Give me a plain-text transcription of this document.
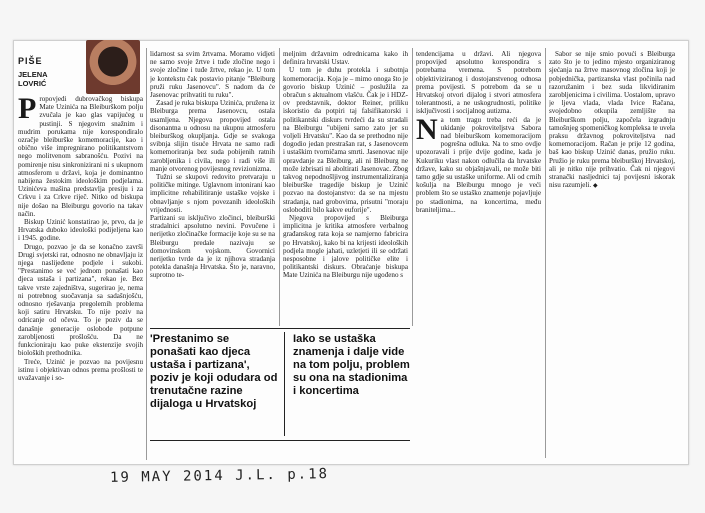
PIŠE
JELENA
LOVRIĆ

Propovjedi dubrovačkog biskupa Mate Uzinića na Bleiburškom polju zvučala je kao glas vapijućeg u pustinji. S njegovim snažnim i mudrim porukama nije korespondiralo ozračje bleiburške komemoracije, kao i obično više impregnirano politikantstvom nego molitvenom sabranošću. Pozivi na pomirenje nisu sinkronizirani ni s ukupnom atmosferom u državi, koja je dominantno nabijena žestokim ideološkim podjelama. Uzinićeva mašina predstavlja presiju i za Crkvu i za Crkve riječ. Nitko od biskupa nije došao na Bleiburgu govorio na takav način.

Biskup Uzinić konstatirao je, prvo, da je Hrvatska duboko ideološki podijeljena kao i 1945. godine.

Drugo, pozvao je da se konačno završi Drugi svjetski rat, odnosno ne obnavljaju iz njega naslijeđene podjele i sukobi. "Prestanimo se već jednom ponašati kao djeca ustaša i partizana", rekao je. Bez takve vrste zajedništva, sugerirao je, nema ni potrebnog suočavanja sa sadašnjošću, odnosno rješavanja pregolemih problema koji satiru Hrvatsku. To nije poziv na odricanje od očeva. To je poziv da se današnje generacije oslobode potpune zarobljenosti prošlošću. Da ne funkcioniraju kao puke ekstenzije svojih bioloških prethodnika.

Treće, Uzinić je pozvao na povijesnu istinu i objektivan odnos prema prošlosti te uvažavanje i so-

lidarnost sa svim žrtvama. Moramo vidjeti ne samo svoje žrtve i tuđe zločine nego i svoje zločine i tuđe žrtve, rekao je. U tom je kontekstu čak postavio pitanje "Bleiburg pruži ruku Jasenovcu". S nadom da će Jasenovac prihvatiti tu ruku".

Zasad je ruka biskupa Uzinića, pružena iz Bleiburga prema Jasenovcu, ostala usamljena. Njegova propovijed ostala disonantna u odnosu na ukupnu atmosferu bleiburškog okupljanja. Gdje se svakoga svibnja slijin tisuće Hrvata ne samo radi komemoriranja bez suda pobijenih ratnih zarobljenika i civila, nego i radi više ili manje otvorenog povijesnog revizionizma.

Tužni se skupovi redovito pretvaraju u političke mitinge. Uglavnom intonirani kao implicitne rehabilitiranje ustaške vojske i obnavljanje s njom povezanih ideoloških vrijednosti.

Partizani su isključivo zločinci, bleiburški stradalnici apsolutno nevini. Povučene i nerijetko zločinačke formacije koje su se na Bleiburgu predale nazivaju se domovinskom vojskom. Govornici nerijetko tvrde da je iz njihova stradanja potekla današnja Hrvatska. Što je, naravno, suprotno te-

meljnim državnim odrednicama kako ih definira hrvatski Ustav.

U tom je duhu protekla i subotnja komemoracija. Koja je – mimo onoga što je govorio biskup Uzinić – poslužila za obračun s aktualnom vlašću. Čak je i HDZ-ov predstavnik, doktor Reiner, priliku iskoristio da potpiri taj falsifikatorski i politikantski diskurs tvrdeći da su stradali na Bleiburgu "ubijeni samo zato jer su voljeli Hrvatsku". Kao da se prethodno nije dogodio jedan prestrašan rat, s Jasenovcem i ustaškim tvorničama smrti. Jasenovac nije opravdanje za Bleiburg, ali ni Bleiburg ne može izbrisati ni aboltirati Jasenovac. Zbog takvog nepodnošljivog instrumentaliziranja bleiburške tragedije biskup je Uzinić pozvao na dostojanstvo: da se na mjestu stradanja, nad grobovima, prisutni "moraju osloboditi bilo kakve euforije".

Njegova propovijed s Bleiburga implicitna je kritika atmosfere verbalnog građanskog rata koja se namjerno fabricira po Hrvatskoj, kako bi na krijesti ideoloških podjela mogle jahati, uzletjeti ili se održati nesposobne i jalove političke elite i politikantski diskurs. Obraćanje biskupa Mate Uzinića na Bleiburgu nije ugođeno s

tendencijama u državi. Ali njegova propovijed apsolutno korespondira s potrebama vremena. S potrebom objektiviziranog i dostojanstvenog odnosa prema povijesti. S potrebom da se u Hrvatskoj otvori dijalog i stvori atmosfera tolerantnosti, a ne uskogrudnosti, politike isključivosti i socijalnog autizma.

Na tom tragu treba reći da je ukidanje pokroviteljstva Sabora nad bleiburškom komemoracijom pogrešna odluka. Na to smo ovdje upozoravali i prije dvije godine, kada je Kukuriku vlast nakon odlučila da hrvatske države, kako su objašnjavali, ne može biti tamo gdje su ustaške uniforme. Ali od crnih košulja na Bleiburgu mnogo je veći problem što se ustaško znamenje pojavljuje po stadionima, na koncertima, među braniteljima...

Sabor se nije smio povući s Bleiburga zato što je to jedino mjesto organiziranog sjećanja na žrtve masovnog zločina koji je pobjednička, partizanska vlast počinila nad razoružanim i bez suda likvidiranim zarobljenicima i civilima. Uostalom, upravo je ljeva vlada, vlada Ivice Račana, svojedobno otkupila zemljište na Bleiburškom polju, započela izgradnju tamošnjeg spomeničkog kompleksa te uvela praksu državnog pokroviteljstva nad komemoracijom. Račan je prije 12 godina, baš kao biskup Uzinić danas, pružio ruku. Pružio je ruku prema bleiburškoj Hrvatskoj, ali je nitko nije prihvatio. Čak ni njegovi stranački nasljednici taj povijesni iskorak nisu razumjeli. ◆

'Prestanimo se ponašati kao djeca ustaša i partizana', poziv je koji odudara od trenutačne razine dijaloga u Hrvatskoj
Iako se ustaška znamenja i dalje vide na tom polju, problem su ona na stadionima i koncertima
19 MAY 2014 J.L. p.18
